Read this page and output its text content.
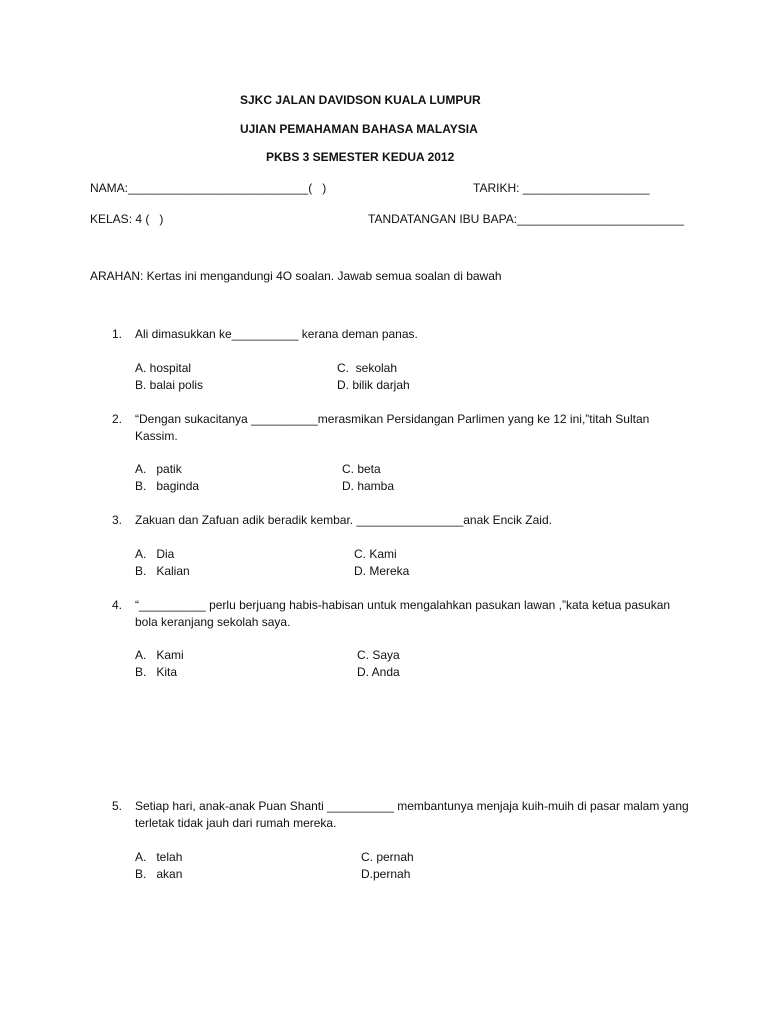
SJKC JALAN DAVIDSON KUALA LUMPUR
UJIAN PEMAHAMAN BAHASA MALAYSIA
PKBS 3 SEMESTER KEDUA 2012
NAMA:___________________________(   )	TARIKH: ___________________
KELAS: 4 (   )	TANDATANGAN IBU BAPA:_________________________
ARAHAN: Kertas ini mengandungi 4O soalan. Jawab semua soalan di bawah
1. Ali dimasukkan ke__________ kerana deman panas.
A. hospital
B. balai polis
C.  sekolah
D. bilik darjah
2. “Dengan sukacitanya __________merasmikan Persidangan Parlimen yang ke 12 ini,”titah Sultan Kassim.
A.   patik
B.   baginda
C. beta
D. hamba
3. Zakuan dan Zafuan adik beradik kembar. ________________anak Encik Zaid.
A.   Dia
B.   Kalian
C. Kami
D. Mereka
4. “__________ perlu berjuang habis-habisan untuk mengalahkan pasukan lawan ,”kata ketua pasukan bola keranjang sekolah saya.
A.   Kami
B.   Kita
C. Saya
D. Anda
5. Setiap hari, anak-anak Puan Shanti __________ membantunya menjaja kuih-muih di pasar malam yang terletak tidak jauh dari rumah mereka.
A.   telah
B.   akan
C. pernah
D.pernah
